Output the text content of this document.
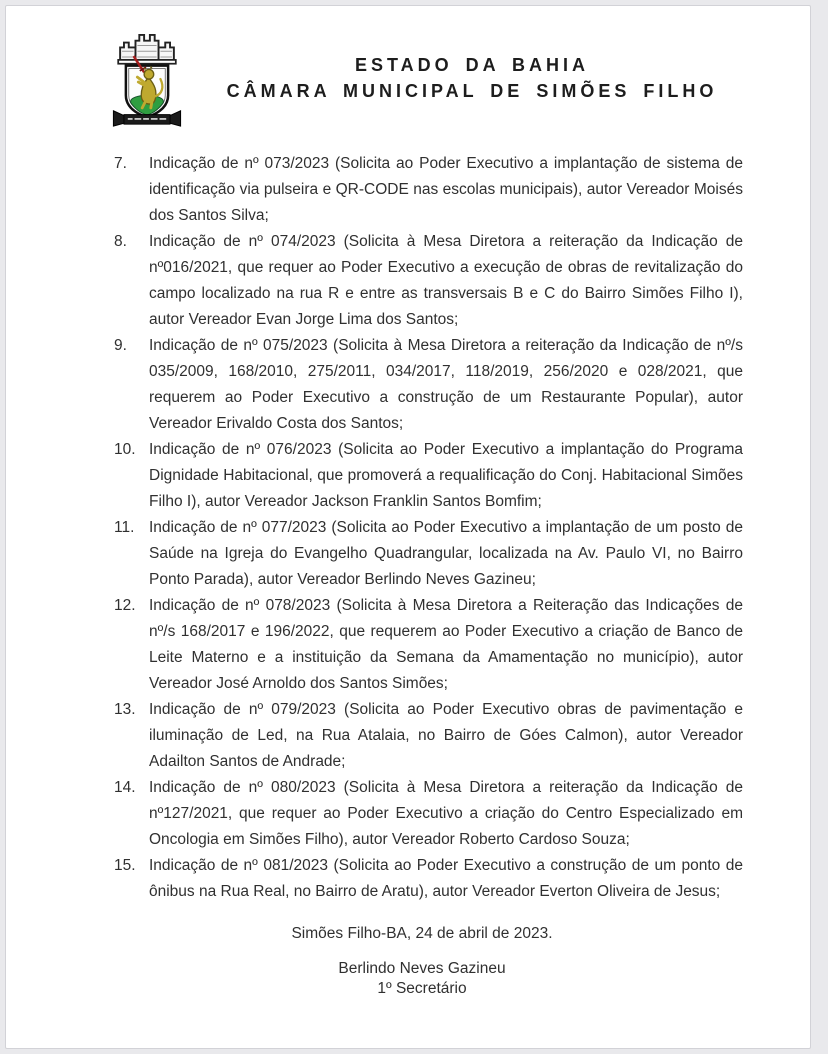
ESTADO DA BAHIA
CÂMARA MUNICIPAL DE SIMÕES FILHO
7. Indicação de nº 073/2023 (Solicita ao Poder Executivo a implantação de sistema de identificação via pulseira e QR-CODE nas escolas municipais), autor Vereador Moisés dos Santos Silva;

8. Indicação de nº 074/2023 (Solicita à Mesa Diretora a reiteração da Indicação de nº016/2021, que requer ao Poder Executivo a execução de obras de revitalização do campo localizado na rua R e entre as transversais B e C do Bairro Simões Filho I), autor Vereador Evan Jorge Lima dos Santos;

9. Indicação de nº 075/2023 (Solicita à Mesa Diretora a reiteração da Indicação de nº/s 035/2009, 168/2010, 275/2011, 034/2017, 118/2019, 256/2020 e 028/2021, que requerem ao Poder Executivo a construção de um Restaurante Popular), autor Vereador Erivaldo Costa dos Santos;

10. Indicação de nº 076/2023 (Solicita ao Poder Executivo a implantação do Programa Dignidade Habitacional, que promoverá a requalificação do Conj. Habitacional Simões Filho I), autor Vereador Jackson Franklin Santos Bomfim;

11. Indicação de nº 077/2023 (Solicita ao Poder Executivo a implantação de um posto de Saúde na Igreja do Evangelho Quadrangular, localizada na Av. Paulo VI, no Bairro Ponto Parada), autor Vereador Berlindo Neves Gazineu;

12. Indicação de nº 078/2023 (Solicita à Mesa Diretora a Reiteração das Indicações de nº/s 168/2017 e 196/2022, que requerem ao Poder Executivo a criação de Banco de Leite Materno e a instituição da Semana da Amamentação no município), autor Vereador José Arnoldo dos Santos Simões;

13. Indicação de nº 079/2023 (Solicita ao Poder Executivo obras de pavimentação e iluminação de Led, na Rua Atalaia, no Bairro de Góes Calmon), autor Vereador Adailton Santos de Andrade;

14. Indicação de nº 080/2023 (Solicita à Mesa Diretora a reiteração da Indicação de nº127/2021, que requer ao Poder Executivo a criação do Centro Especializado em Oncologia em Simões Filho), autor Vereador Roberto Cardoso Souza;

15. Indicação de nº 081/2023 (Solicita ao Poder Executivo a construção de um ponto de ônibus na Rua Real, no Bairro de Aratu), autor Vereador Everton Oliveira de Jesus;

Simões Filho-BA, 24 de abril de 2023.
Berlindo Neves Gazineu
1º Secretário
